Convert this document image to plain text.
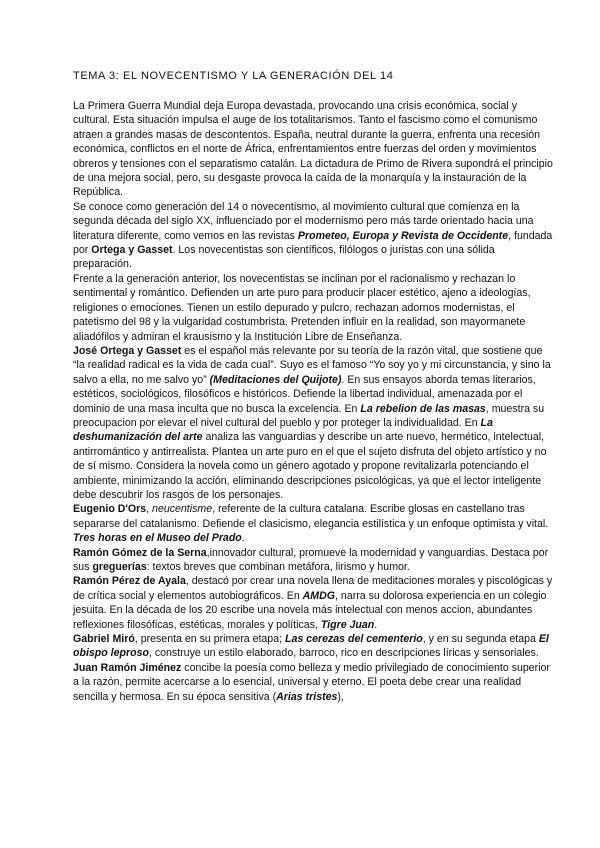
TEMA 3: EL NOVECENTISMO Y LA GENERACIÓN DEL 14

La Primera Guerra Mundial deja Europa devastada, provocando una crisis económica, social y cultural. Esta situación impulsa el auge de los totalitarismos. Tanto el fascismo como el comunismo atraen a grandes masas de descontentos. España, neutral durante la guerra, enfrenta una recesión económica, conflictos en el norte de África, enfrentamientos entre fuerzas del orden y movimientos obreros y tensiones con el separatismo catalán. La dictadura de Primo de Rivera supondrá el principio de una mejora social, pero, su desgaste provoca la caída de la monarquía y la instauración de la República.

Se conoce como generación del 14 o novecentismo, al movimiento cultural que comienza en la segunda década del siglo XX, influenciado por el modernismo pero más tarde orientado hacia una literatura diferente, como vemos en las revistas Prometeo, Europa y Revista de Occidente, fundada por Ortega y Gasset. Los novecentistas son científicos, filólogos o juristas con una sólida preparación.

Frente a la generación anterior, los novecentistas se inclinan por el racionalismo y rechazan lo sentimental y romántico. Defienden un arte puro para producir placer estético, ajeno a ideologías, religiones o emociones. Tienen un estilo depurado y pulcro, rechazan adornos modernistas, el patetismo del 98 y la vulgaridad costumbrista. Pretenden influir en la realidad, son mayormanete aliadófilos y admiran el krausismo y la Institución Libre de Enseñanza.

José Ortega y Gasset es el español más relevante por su teoría de la razón vital, que sostiene que “la realidad radical es la vida de cada cual”. Suyo es el famoso “Yo soy yo y mi circunstancia, y sino la salvo a ella, no me salvo yo” (Meditaciones del Quijote). En sus ensayos aborda temas literarios, estéticos, sociológicos, filosóficos e históricos. Defiende la libertad individual, amenazada por el dominio de una masa inculta que no busca la excelencia. En La rebelion de las masas, muestra su preocupacion por elevar el nivel cultural del pueblo y por proteger la individualidad. En La deshumanización del arte analiza las vanguardias y describe un arte nuevo, hermético, intelectual, antirromántico y antirrealista. Plantea un arte puro en el que el sujeto disfruta del objeto artístico y no de sí mismo. Considera la novela como un género agotado y propone revitalizarla potenciando el ambiente, minimizando la acción, eliminando descripciones psicológicas, ya que el lector inteligente debe descubrir los rasgos de los personajes.

Eugenio D'Ors, neucentisme, referente de la cultura catalana. Escribe glosas en castellano tras separarse del catalanismo. Defiende el clasicismo, elegancia estilística y un enfoque optimista y vital. Tres horas en el Museo del Prado.

Ramón Gómez de la Serna,innovador cultural, promueve la modernidad y vanguardias. Destaca por sus greguerías: textos breves que combinan metáfora, lirismo y humor.

Ramón Pérez de Ayala, destacó por crear una novela llena de meditaciones morales y piscológicas y de crítica social y elementos autobiográficos. En AMDG, narra su dolorosa experiencia en un colegio jesuita. En la década de los 20 escribe una novela más intelectual con menos accion, abundantes reflexiones filosóficas, estéticas, morales y políticas, Tigre Juan.

Gabriel Miró, presenta en su primera etapa; Las cerezas del cementerio, y en su segunda etapa El obispo leproso, construye un estilo elaborado, barroco, rico en descripciones líricas y sensoriales.

Juan Ramón Jiménez concibe la poesía como belleza y medio privilegiado de conocimiento superior a la razón, permite acercarse a lo esencial, universal y eterno. El poeta debe crear una realidad sencilla y hermosa. En su época sensitiva (Arias tristes),
